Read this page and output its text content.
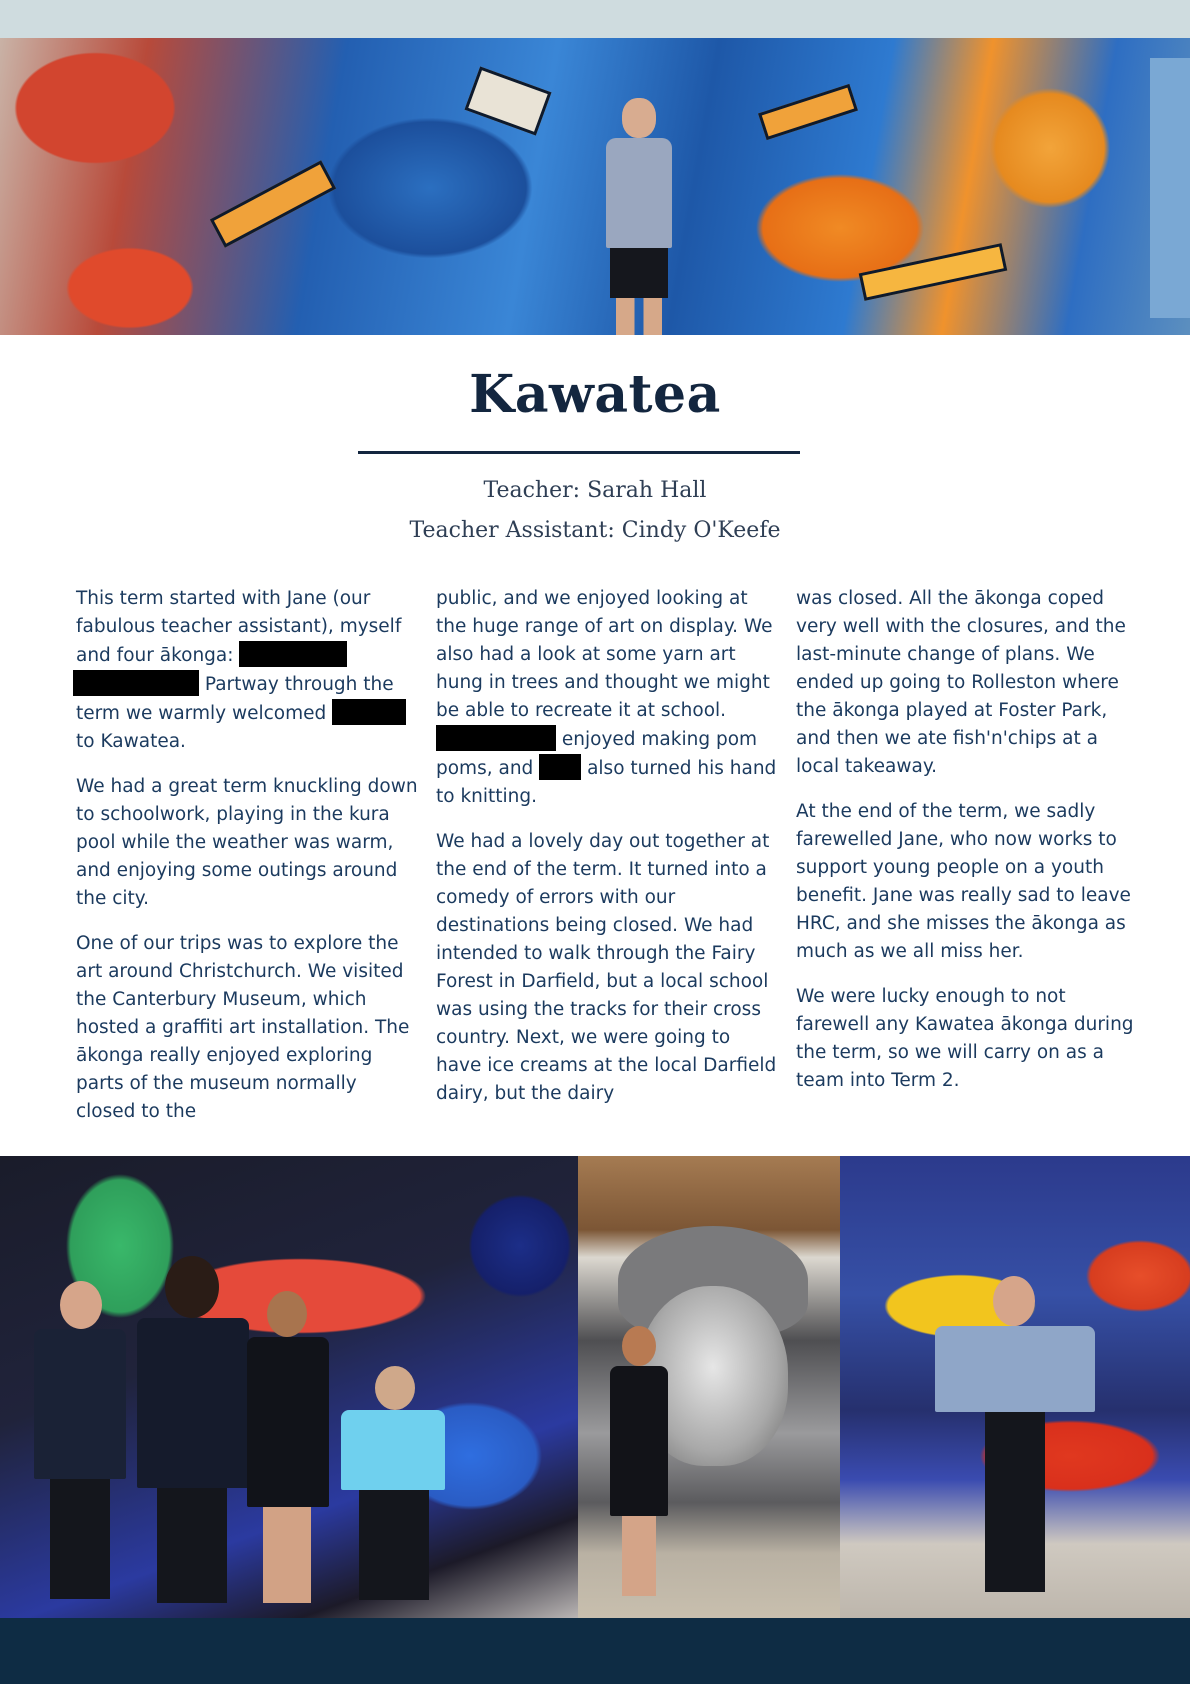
Kawatea

Teacher: Sarah Hall

Teacher Assistant: Cindy O'Keefe

This term started with Jane (our fabulous teacher assistant), myself and four ākonga:   Partway through the term we warmly welcomed to Kawatea.

We had a great term knuckling down to schoolwork, playing in the kura pool while the weather was warm, and enjoying some outings around the city.

One of our trips was to explore the art around Christchurch. We visited the Canterbury Museum, which hosted a graffiti art installation. The ākonga really enjoyed exploring parts of the museum normally closed to the

public, and we enjoyed looking at the huge range of art on display. We also had a look at some yarn art hung in trees and thought we might be able to recreate it at school.  enjoyed making pom poms, and	also turned his hand to knitting.

We had a lovely day out together at the end of the term. It turned into a comedy of errors with our destinations being closed. We had intended to walk through the Fairy Forest in Darfield, but a local school was using the tracks for their cross country. Next, we were going to have ice creams at the local Darfield dairy, but the dairy

was closed. All the ākonga coped very well with the closures, and the last-minute change of plans. We ended up going to Rolleston where the ākonga played at Foster Park, and then we ate fish'n'chips at a local takeaway.

At the end of the term, we sadly farewelled Jane, who now works to support young people on a youth benefit. Jane was really sad to leave HRC, and she misses the ākonga as much as we all miss her.

We were lucky enough to not farewell any Kawatea ākonga during the term, so we will carry on as a team into Term 2.
